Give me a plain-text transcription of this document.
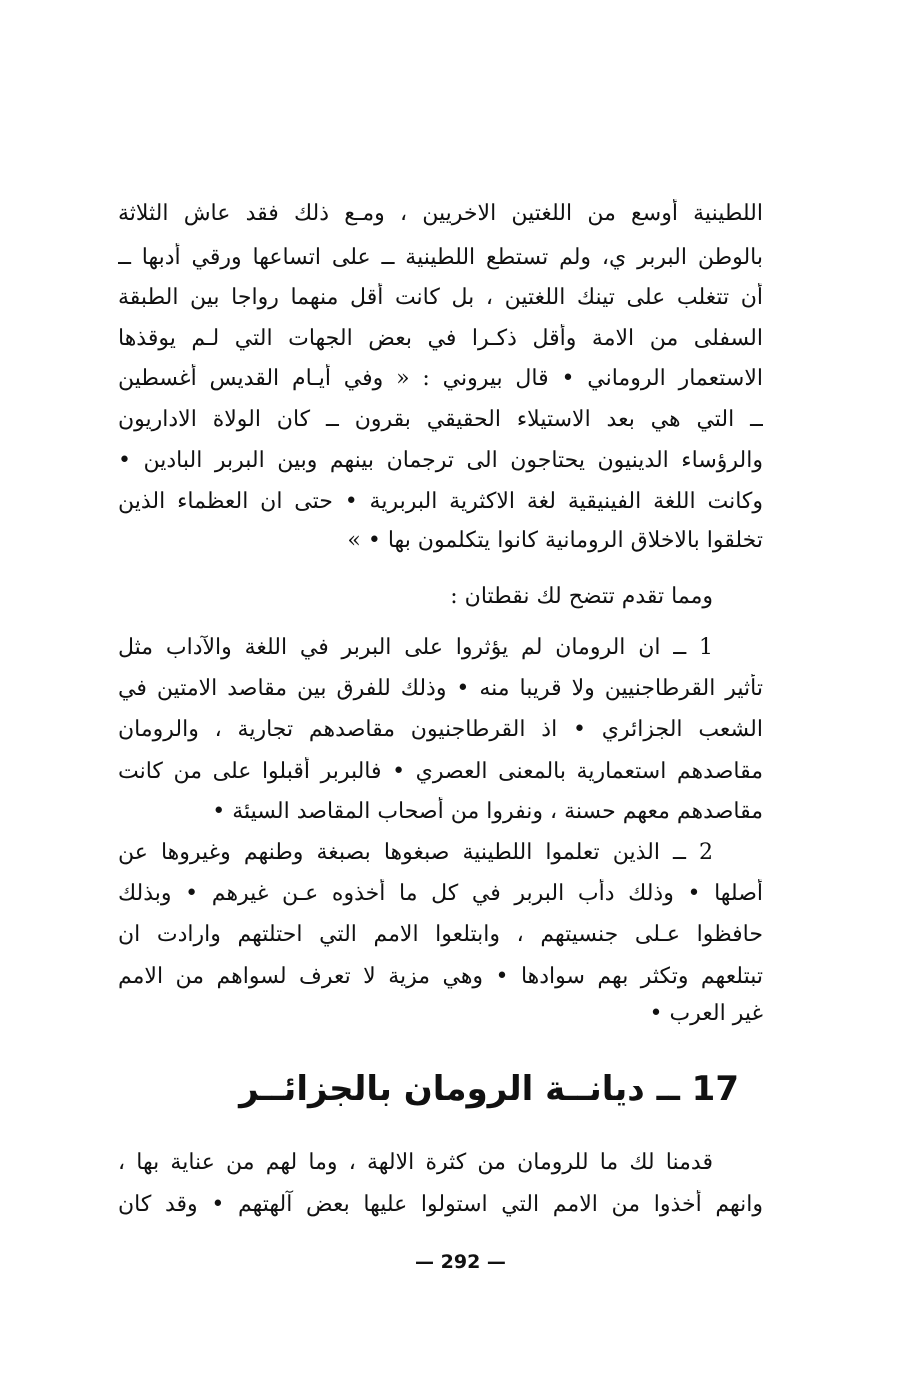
اللطينية أوسع من اللغتين الاخريين ، ومـع ذلك فقد عاش الثلاثة
بالوطن البربر ي، ولم تستطع اللطينية ــ على اتساعها ورقي أدبها ــ
أن تتغلب على تينك اللغتين ، بل كانت أقل منهما رواجا بين الطبقة
السفلى من الامة وأقل ذكـرا في بعض الجهات التي لـم يوقذها
الاستعمار الروماني • قال بيروني : « وفي أيـام القديس أغسطين
ــ التي هي بعد الاستيلاء الحقيقي بقرون ــ كان الولاة الاداريون
والرؤساء الدينيون يحتاجون الى ترجمان بينهم وبين البربر البادين •
وكانت اللغة الفينيقية لغة الاكثرية البربرية • حتى ان العظماء الذين
تخلقوا بالاخلاق الرومانية كانوا يتكلمون بها • »
ومما تقدم تتضح لك نقطتان :
1 ــ ان الرومان لم يؤثروا على البربر في اللغة والآداب مثل
تأثير القرطاجنيين ولا قريبا منه • وذلك للفرق بين مقاصد الامتين في
الشعب الجزائري • اذ القرطاجنيون مقاصدهم تجارية ، والرومان
مقاصدهم استعمارية بالمعنى العصري • فالبربر أقبلوا على من كانت
مقاصدهم معهم حسنة ، ونفروا من أصحاب المقاصد السيئة •
2 ــ الذين تعلموا اللطينية صبغوها بصبغة وطنهم وغيروها عن
أصلها • وذلك دأب البربر في كل ما أخذوه عـن غيرهم • وبذلك
حافظوا عـلى جنسيتهم ، وابتلعوا الامم التي احتلتهم وارادت ان
تبتلعهم وتكثر بهم سوادها • وهي مزية لا تعرف لسواهم من الامم
غير العرب •
17 ــ ديانــة الرومان بالجزائــر
قدمنا لك ما للرومان من كثرة الالهة ، وما لهم من عناية بها ،
وانهم أخذوا من الامم التي استولوا عليها بعض آلهتهم • وقد كان
— 292 —
